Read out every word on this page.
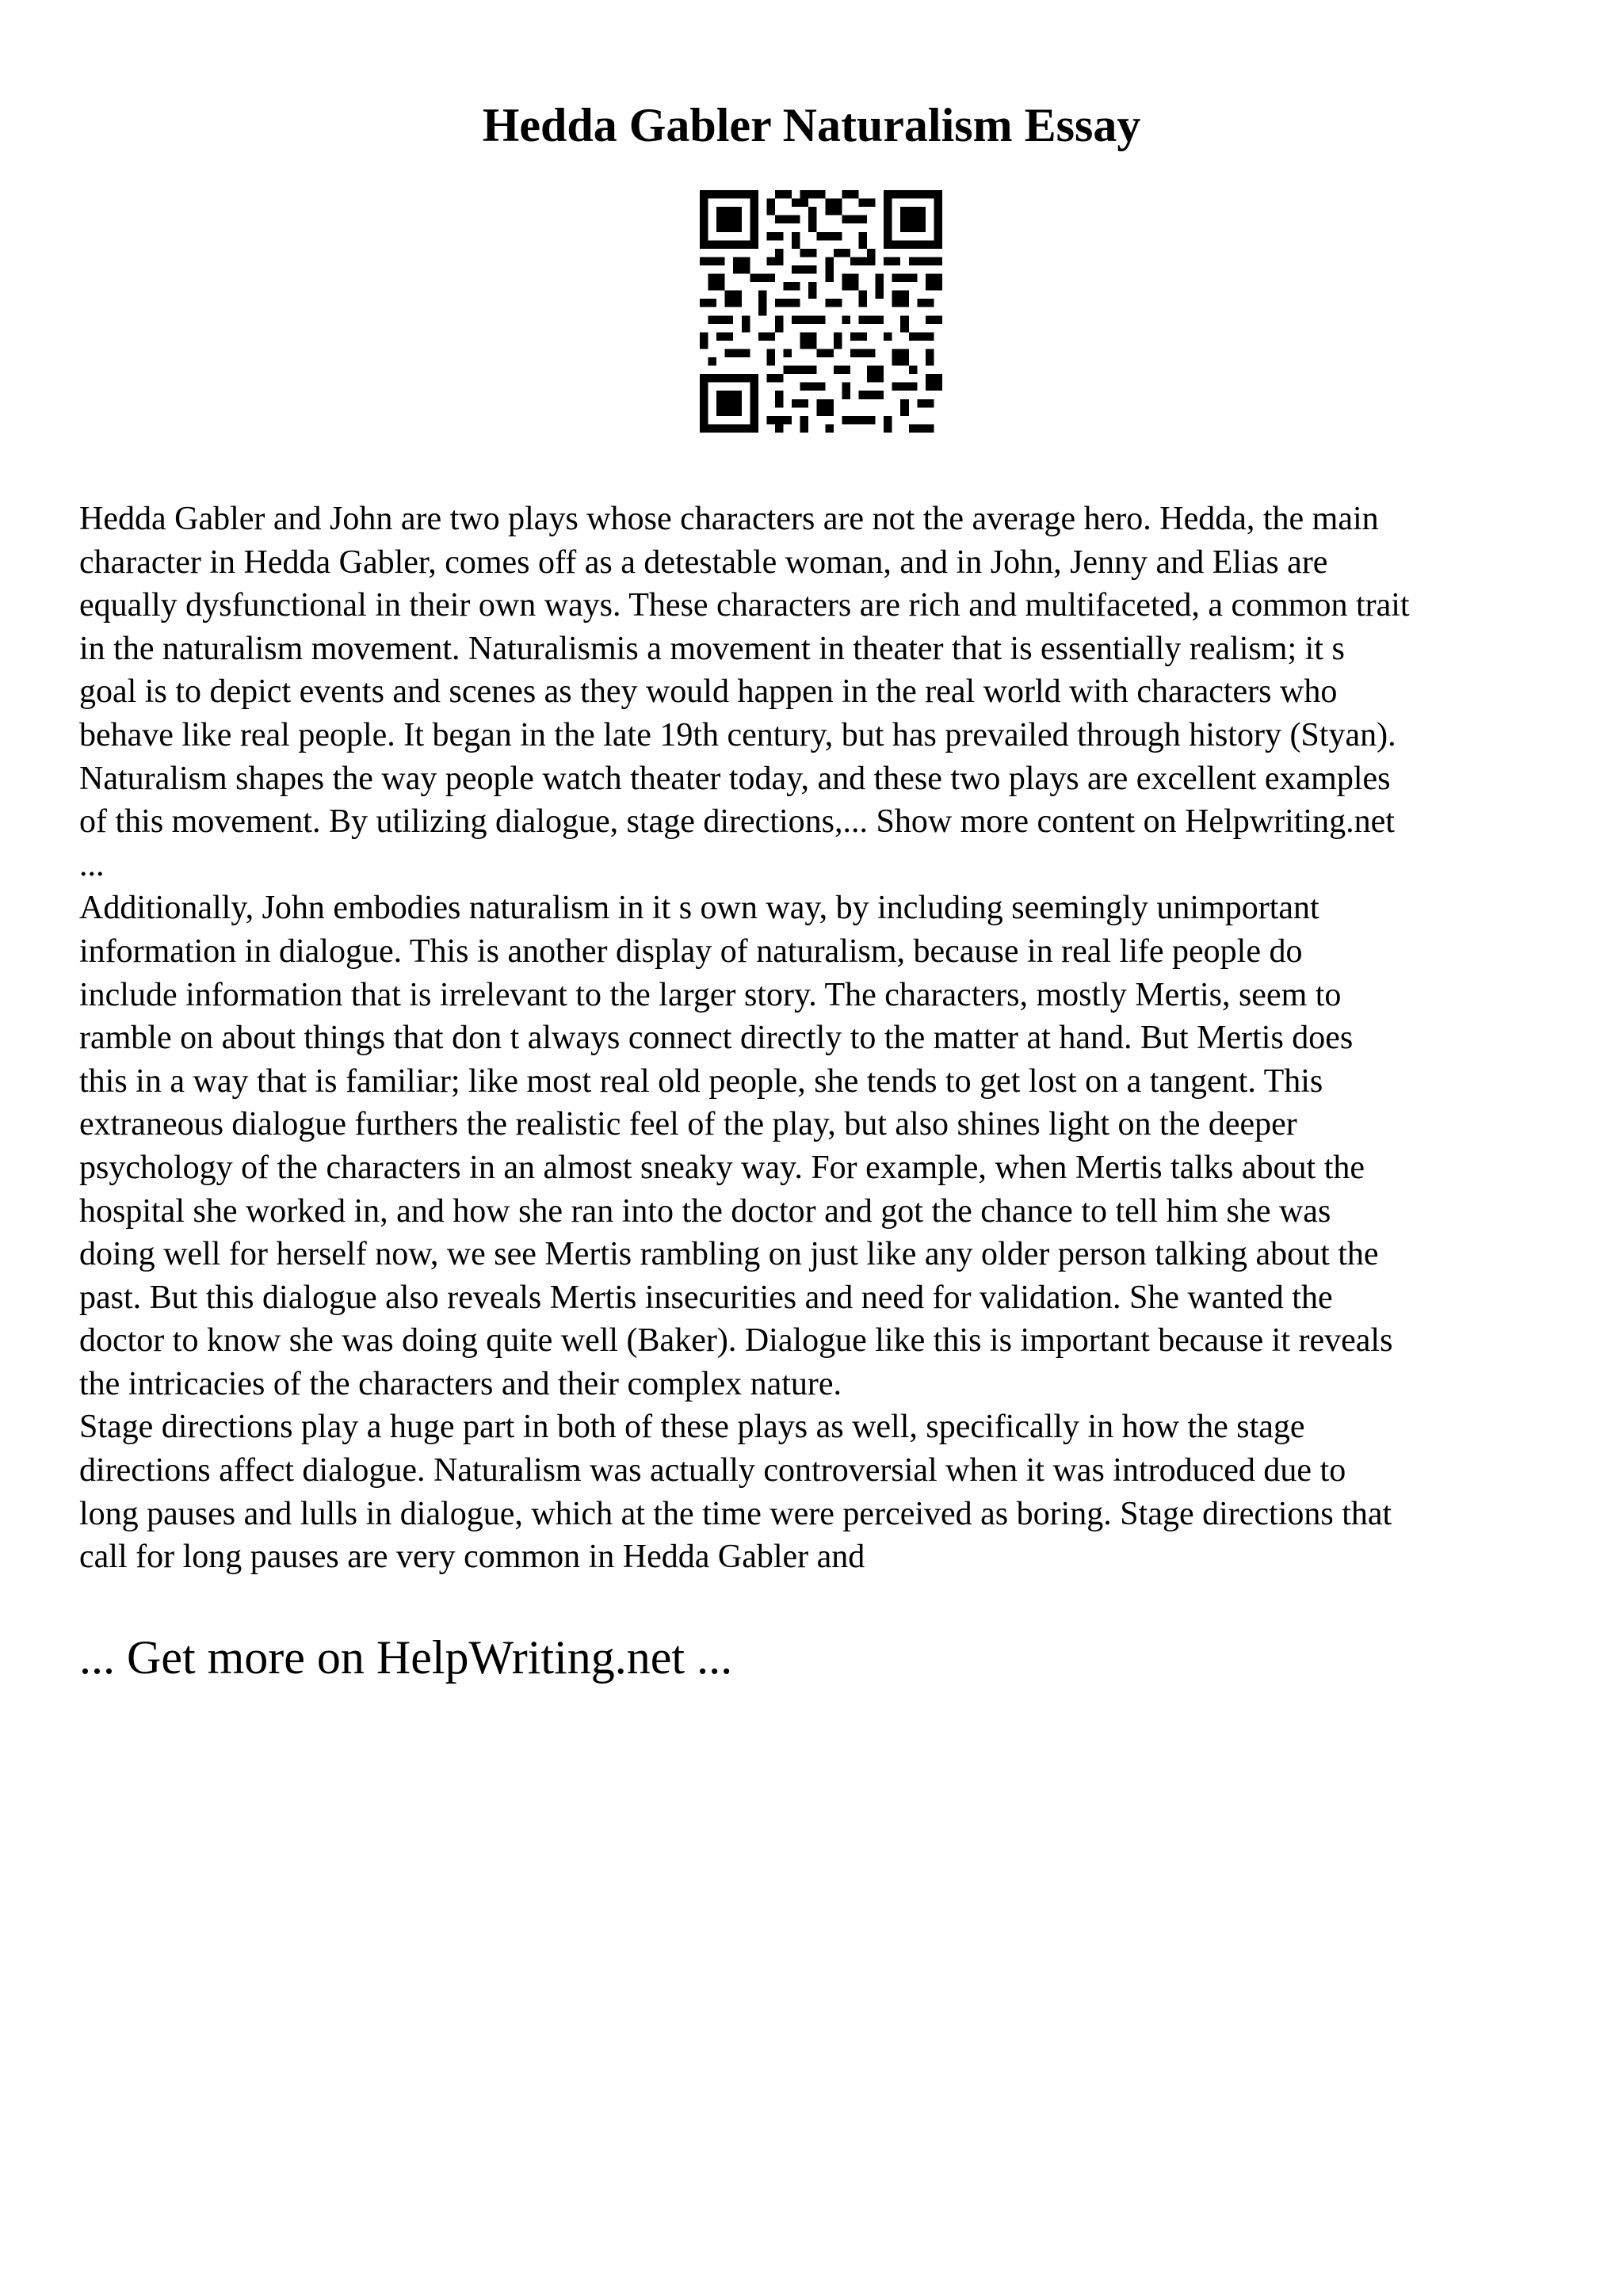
Hedda Gabler Naturalism Essay

Hedda Gabler and John are two plays whose characters are not the average hero. Hedda, the main
character in Hedda Gabler, comes off as a detestable woman, and in John, Jenny and Elias are
equally dysfunctional in their own ways. These characters are rich and multifaceted, a common trait
in the naturalism movement. Naturalismis a movement in theater that is essentially realism; it s
goal is to depict events and scenes as they would happen in the real world with characters who
behave like real people. It began in the late 19th century, but has prevailed through history (Styan).
Naturalism shapes the way people watch theater today, and these two plays are excellent examples
of this movement. By utilizing dialogue, stage directions,... Show more content on Helpwriting.net
...

Additionally, John embodies naturalism in it s own way, by including seemingly unimportant
information in dialogue. This is another display of naturalism, because in real life people do
include information that is irrelevant to the larger story. The characters, mostly Mertis, seem to
ramble on about things that don t always connect directly to the matter at hand. But Mertis does
this in a way that is familiar; like most real old people, she tends to get lost on a tangent. This
extraneous dialogue furthers the realistic feel of the play, but also shines light on the deeper
psychology of the characters in an almost sneaky way. For example, when Mertis talks about the
hospital she worked in, and how she ran into the doctor and got the chance to tell him she was
doing well for herself now, we see Mertis rambling on just like any older person talking about the
past. But this dialogue also reveals Mertis insecurities and need for validation. She wanted the
doctor to know she was doing quite well (Baker). Dialogue like this is important because it reveals
the intricacies of the characters and their complex nature.

Stage directions play a huge part in both of these plays as well, specifically in how the stage
directions affect dialogue. Naturalism was actually controversial when it was introduced due to
long pauses and lulls in dialogue, which at the time were perceived as boring. Stage directions that
call for long pauses are very common in Hedda Gabler and

... Get more on HelpWriting.net ...
